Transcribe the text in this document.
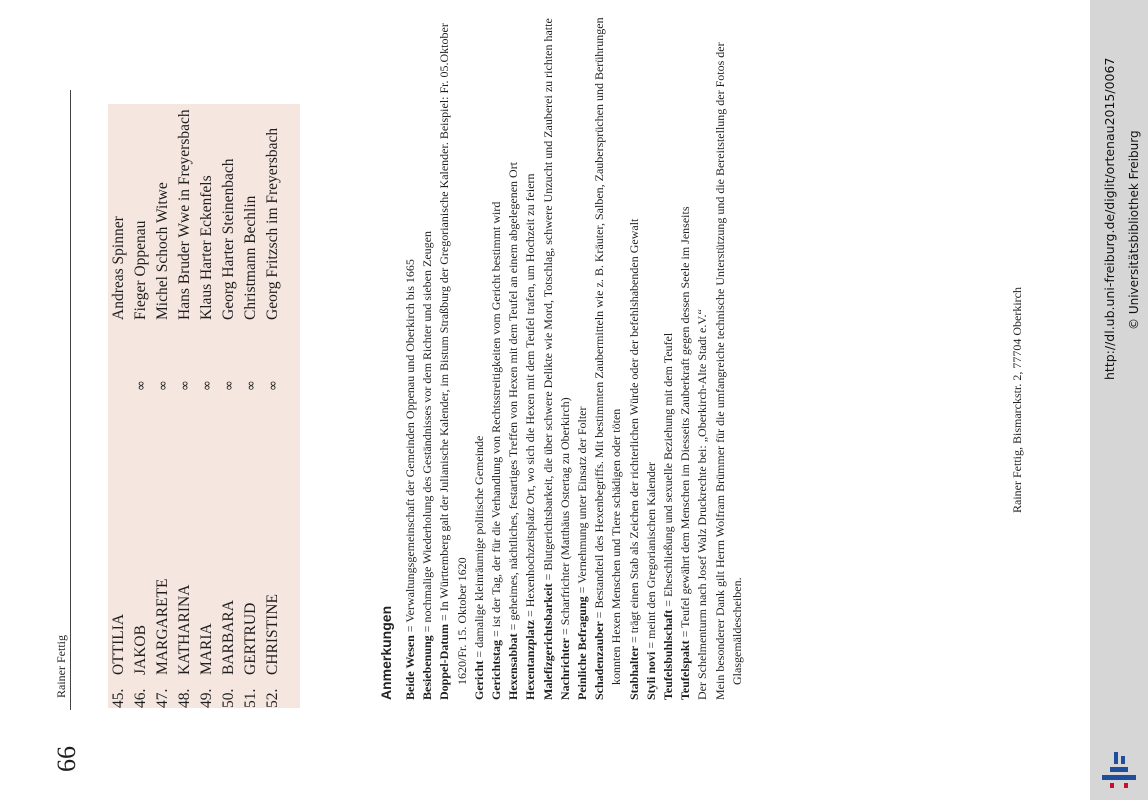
66
Rainer Fettig
45.
OTTILIA
Andreas Spinner
46.
JAKOB
∞
Fieger Oppenau
47.
MARGARETE
∞
Michel Schoch Witwe
48.
KATHARINA
∞
Hans Bruder Wwe in Freyersbach
49.
MARIA
∞
Klaus Harter Eckenfels
50.
BARBARA
∞
Georg Harter Steinenbach
51.
GERTRUD
∞
Christmann Bechlin
52.
CHRISTINE
∞
Georg Fritzsch im Freyersbach
Anmerkungen Beide Wesen = Verwaltungsgemeinschaft der Gemeinden Oppenau und Oberkirch bis 1665

Besiebenung = nochmalige Wiederholung des Geständnisses vor dem Richter und sieben Zeugen

Doppel-Datum = In Württemberg galt der Julianische Kalender, im Bistum Straßburg der Gregorianische Kalender. Beispiel: Fr. 05.Oktober 1620/Fr. 15. Oktober 1620 Gericht = damalige kleinräumige politische Gemeinde

Gerichtstag = ist der Tag, der für die Verhandlung von Rechtsstreitigkeiten vom Gericht bestimmt wird

Hexensabbat = geheimes, nächtliches, festartiges Treffen von Hexen mit dem Teufel an einem abgelegenen Ort

Hexentanzplatz = Hexenhochzeitsplatz Ort, wo sich die Hexen mit dem Teufel trafen, um Hochzeit zu feiern

Malefizgerichtsbarkeit = Blutgerichtsbarkeit, die über schwere Delikte wie Mord, Totschlag, schwere Unzucht und Zauberei zu richten hatte

Nachrichter = Scharfrichter (Matthäus Ostertag zu Oberkirch)

Peinliche Befragung = Vernehmung unter Einsatz der Folter

Schadenzauber = Bestandteil des Hexenbegriffs. Mit bestimmten Zaubermitteln wie z. B. Kräuter, Salben, Zaubersprüchen und Berührungen konnten Hexen Menschen und Tiere schädigen oder töten Stabhalter = trägt einen Stab als Zeichen der richterlichen Würde oder der befehlshabenden Gewalt

Styli novi = meint den Gregorianischen Kalender

Teufelsbuhlschaft = Eheschließung und sexuelle Beziehung mit dem Teufel

Teufelspakt = Teufel gewährt dem Menschen im Diesseits Zauberkraft gegen dessen Seele im Jenseits Der Schelmenturm nach Josef Walz Druckrechte bei: „Oberkirch-Alte Stadt e.V.“ Mein besonderer Dank gilt Herrn Wolfram Brümmer für die umfangreiche technische Unterstützung und die Bereitstellung der Fotos der Glasgemäldescheiben.

Rainer Fettig, Bismarckstr. 2, 77704 Oberkirch
http://dl.ub.uni-freiburg.de/diglit/ortenau2015/0067 © Universitätsbibliothek Freiburg
